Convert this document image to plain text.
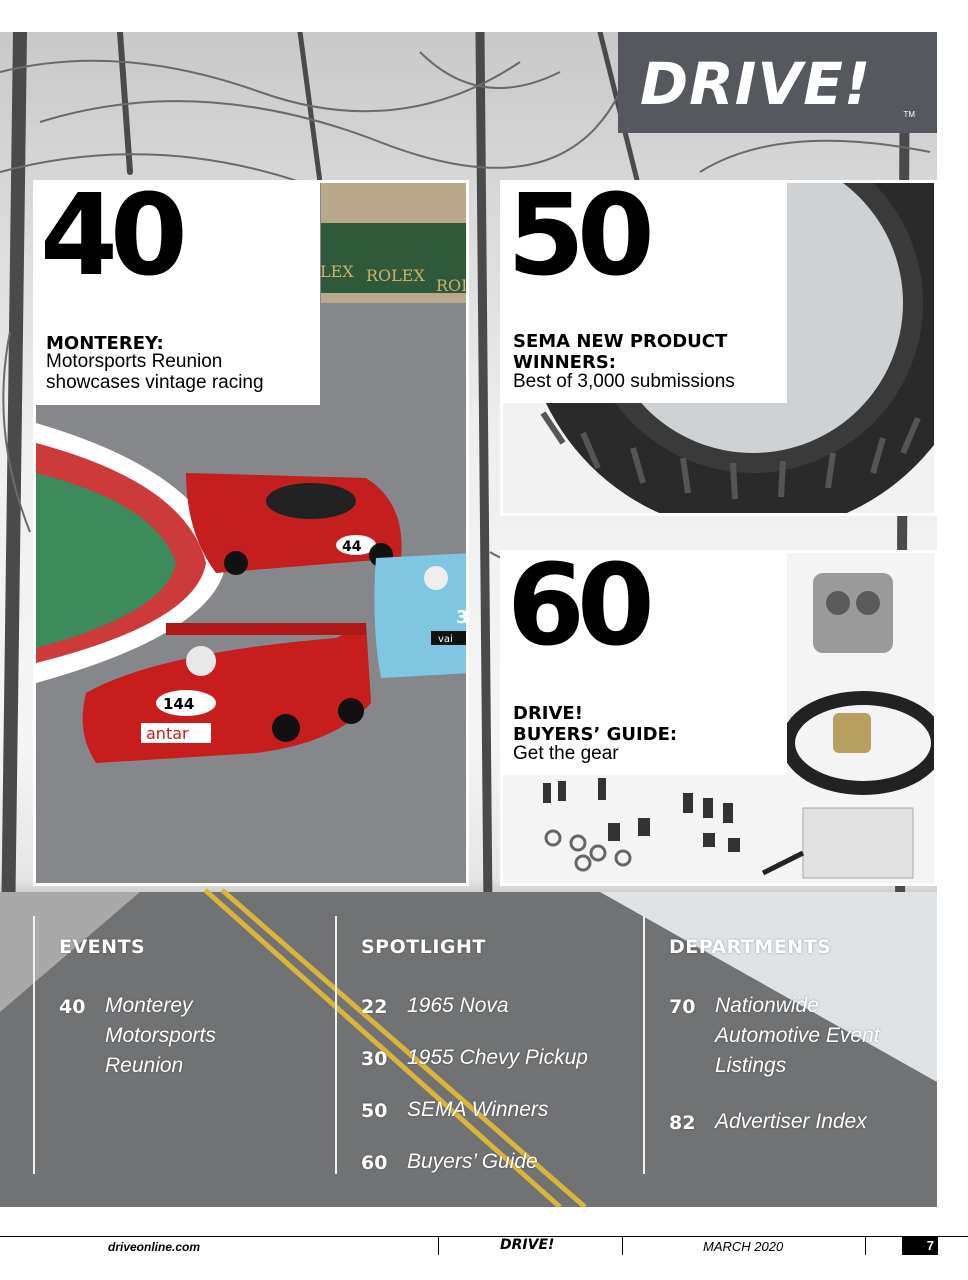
DRIVE!	TM
ROLEX
ROL
LEX
44
3
vai
144
antar
40
MONTEREY:
Motorsports Reunion
showcases vintage racing
50
SEMA NEW PRODUCT
WINNERS:
Best of 3,000 submissions
60
DRIVE!
BUYERS’ GUIDE:
Get the gear
EVENTS
40 Monterey
Motorsports
Reunion
SPOTLIGHT
22 1965 Nova
30 1955 Chevy Pickup
50 SEMA Winners
60 Buyers’ Guide
DEPARTMENTS
70 Nationwide
Automotive Event
Listings
82 Advertiser Index
driveonline.com	DRIVE!	MARCH 2020	7
